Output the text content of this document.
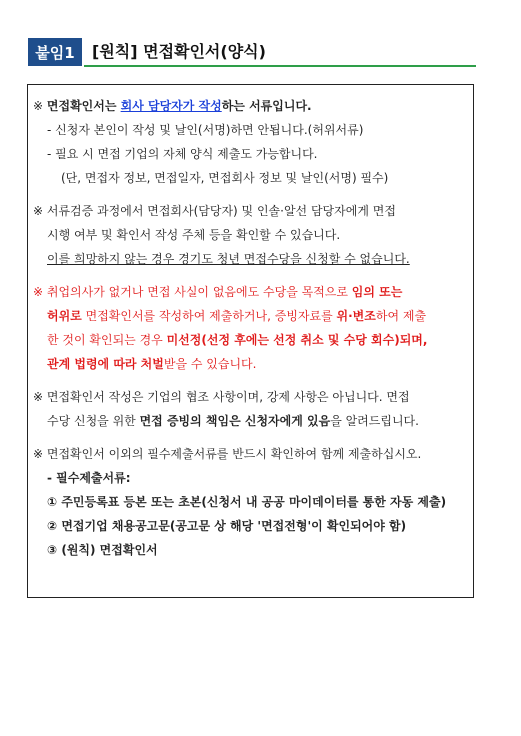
붙임1	[원칙] 면접확인서(양식)
※ 면접확인서는 회사 담당자가 작성하는 서류입니다.
- 신청자 본인이 작성 및 날인(서명)하면 안됩니다.(허위서류)
- 필요 시 면접 기업의 자체 양식 제출도 가능합니다.
(단, 면접자 정보, 면접일자, 면접회사 정보 및 날인(서명) 필수)
※ 서류검증 과정에서 면접회사(담당자) 및 인솔·알선 담당자에게 면접
시행 여부 및 확인서 작성 주체 등을 확인할 수 있습니다.
이를 희망하지 않는 경우 경기도 청년 면접수당을 신청할 수 없습니다.
※ 취업의사가 없거나 면접 사실이 없음에도 수당을 목적으로 임의 또는
허위로 면접확인서를 작성하여 제출하거나, 증빙자료를 위·변조하여 제출
한 것이 확인되는 경우 미선정(선정 후에는 선정 취소 및 수당 회수)되며,
관계 법령에 따라 처벌받을 수 있습니다.
※ 면접확인서 작성은 기업의 협조 사항이며, 강제 사항은 아닙니다. 면접
수당 신청을 위한 면접 증빙의 책임은 신청자에게 있음을 알려드립니다.
※ 면접확인서 이외의 필수제출서류를 반드시 확인하여 함께 제출하십시오.
- 필수제출서류:
① 주민등록표 등본 또는 초본(신청서 내 공공 마이데이터를 통한 자동 제출)
② 면접기업 채용공고문(공고문 상 해당 '면접전형'이 확인되어야 함)
③ (원칙) 면접확인서
